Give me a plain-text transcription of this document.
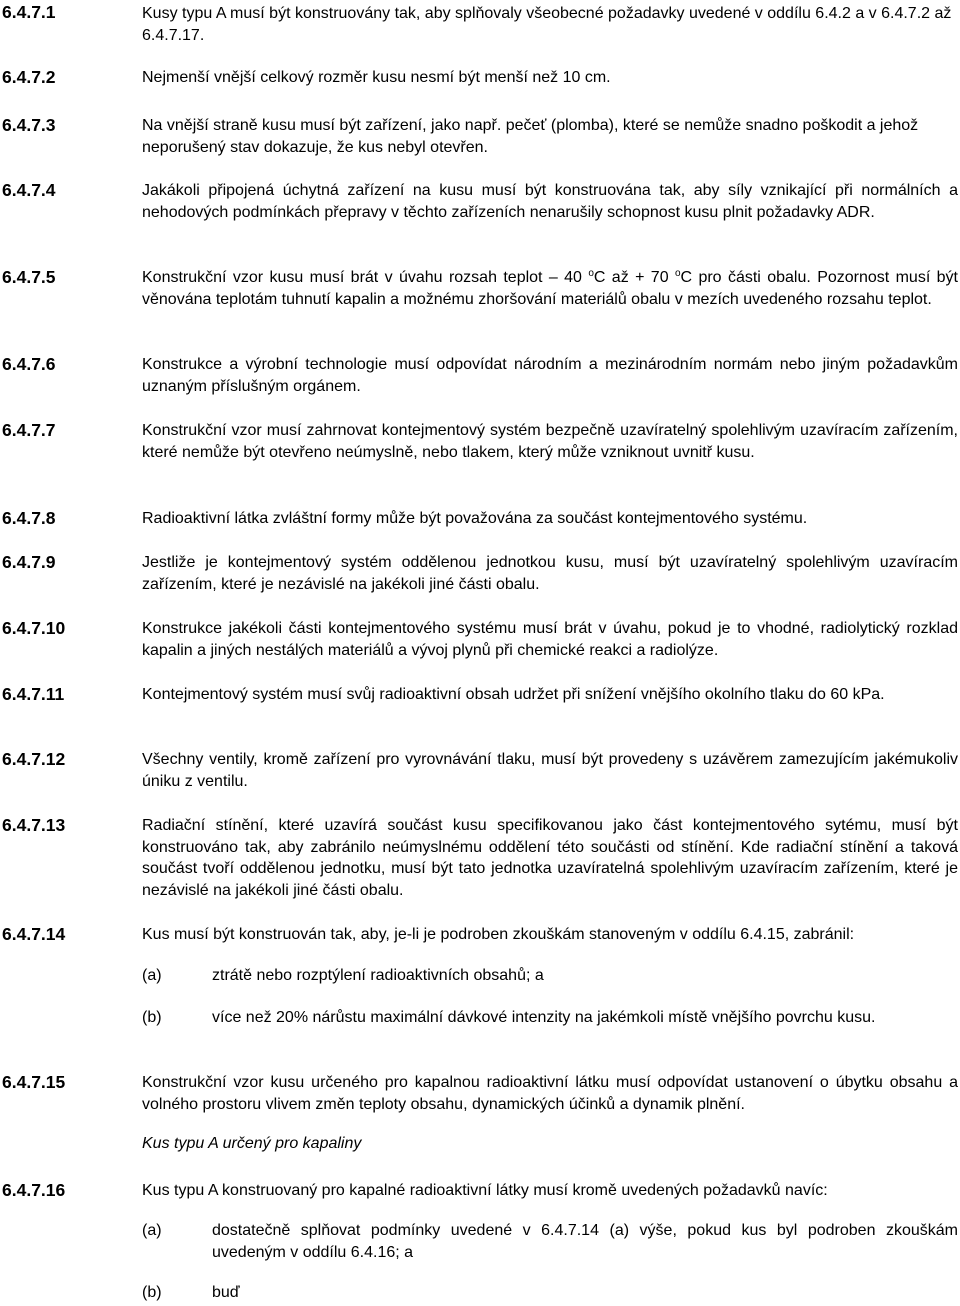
6.4.7.1	Kusy typu A musí být konstruovány tak, aby splňovaly všeobecné požadavky uvedené v oddílu 6.4.2 a v 6.4.7.2 až 6.4.7.17.
6.4.7.2	Nejmenší vnější celkový rozměr kusu nesmí být menší než 10 cm.
6.4.7.3	Na vnější straně kusu musí být zařízení, jako např. pečeť (plomba), které se nemůže snadno poškodit a jehož neporušený stav dokazuje, že kus nebyl otevřen.
6.4.7.4	Jakákoli připojená úchytná zařízení na kusu musí být konstruována tak, aby síly vznikající při normálních a nehodových podmínkách přepravy v těchto zařízeních nenarušily schopnost kusu plnit požadavky ADR.
6.4.7.5	Konstrukční vzor kusu musí brát v úvahu rozsah teplot – 40 $^o$C až + 70 $^o$C pro části obalu. Pozornost musí být věnována teplotám tuhnutí kapalin a možnému zhoršování materiálů obalu v mezích uvedeného rozsahu teplot.
6.4.7.6	Konstrukce a výrobní technologie musí odpovídat národním a mezinárodním normám nebo jiným požadavkům uznaným příslušným orgánem.
6.4.7.7	Konstrukční vzor musí zahrnovat kontejmentový systém bezpečně uzavíratelný spolehlivým uzavíracím zařízením, které nemůže být otevřeno neúmyslně, nebo tlakem, který může vzniknout uvnitř kusu.
6.4.7.8	Radioaktivní látka zvláštní formy může být považována za součást kontejmentového systému.
6.4.7.9	Jestliže je kontejmentový systém oddělenou jednotkou kusu, musí být uzavíratelný spolehlivým uzavíracím zařízením, které je nezávislé na jakékoli jiné části obalu.
6.4.7.10	Konstrukce jakékoli části kontejmentového systému musí brát v úvahu, pokud je to vhodné, radiolytický rozklad kapalin a jiných nestálých materiálů a vývoj plynů při chemické reakci a radiolýze.
6.4.7.11	Kontejmentový systém musí svůj radioaktivní obsah udržet při snížení vnějšího okolního tlaku do 60 kPa.
6.4.7.12	Všechny ventily, kromě zařízení pro vyrovnávání tlaku, musí být provedeny s uzávěrem zamezujícím jakémukoliv úniku z ventilu.
6.4.7.13	Radiační stínění, které uzavírá součást kusu specifikovanou jako část kontejmentového sytému, musí být konstruováno tak, aby zabránilo neúmyslnému oddělení této součásti od stínění. Kde radiační stínění a taková součást tvoří oddělenou jednotku, musí být tato jednotka uzavíratelná spolehlivým uzavíracím zařízením, které je nezávislé na jakékoli jiné části obalu.
6.4.7.14	Kus musí být konstruován tak, aby, je-li je podroben zkouškám stanoveným v oddílu 6.4.15, zabránil:
(a)	ztrátě nebo rozptýlení radioaktivních obsahů; a
(b)	více než 20% nárůstu maximální dávkové intenzity na jakémkoli místě vnějšího povrchu kusu.
6.4.7.15	Konstrukční vzor kusu určeného pro kapalnou radioaktivní látku musí odpovídat ustanovení o úbytku obsahu a volného prostoru vlivem změn teploty obsahu, dynamických účinků a dynamik plnění.
Kus typu A určený pro kapaliny
6.4.7.16	Kus typu A konstruovaný pro kapalné radioaktivní látky musí kromě uvedených požadavků navíc:
(a)	dostatečně splňovat podmínky uvedené v 6.4.7.14 (a) výše, pokud kus byl podroben zkouškám uvedeným v oddílu 6.4.16; a
(b)	buď
